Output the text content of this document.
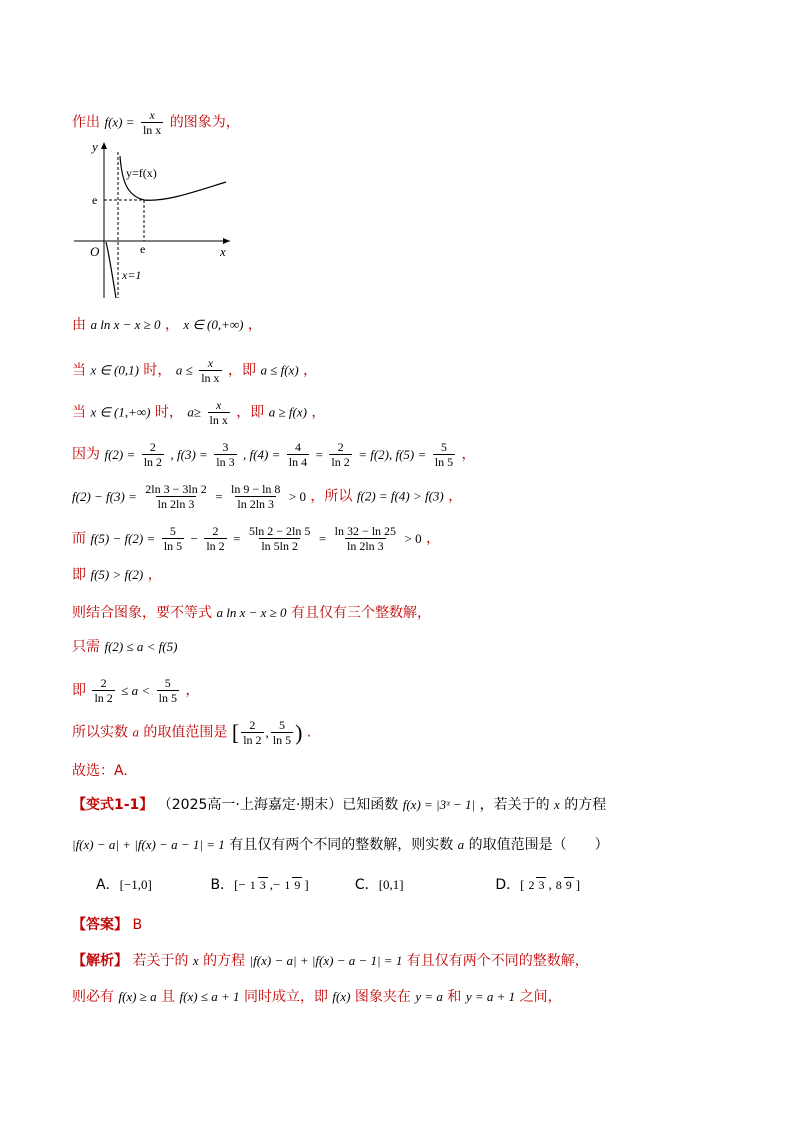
作出 $f(x) = \frac{x}{\text{ln x}}$ 的图象为，
y
x
O
y=f(x)
e
e
x=1
由 a ln x − x ≥ 0 ， x ∈ (0,+∞) ，
当 x ∈ (0,1) 时， $a \le \frac{x}{\text{ln x}}$ ，即 a ≤ f(x) ，
当 x ∈ (1,+∞) 时， $a\ge \frac{x}{\text{ln x}}$ ，即 a ≥ f(x) ，
因为 $f(2) = \frac{2}{\ln 2}$ , $f(3) = \frac{3}{\ln 3}$ , $f(4) = \frac{4}{\ln 4} = \frac{2}{\ln 2} = f(2)$, $f(5) = \frac{5}{\ln 5}$ ，
$f(2) - f(3) = \frac{2\ln 3 - 3\ln 2}{\ln 2\ln 3} = \frac{\ln 9 - \ln 8}{\ln 2\ln 3} > 0$ ，所以 f(2) = f(4) > f(3) ，
而 $f(5) - f(2) = \frac{5}{\ln 5} - \frac{2}{\ln 2} = \frac{5\ln 2 - 2\ln 5}{\ln 5\ln 2} = \frac{\ln 32 - \ln 25}{\ln 2\ln 3} > 0$ ，
即 f(5) > f(2) ，
则结合图象，要不等式 a ln x − x ≥ 0 有且仅有三个整数解，
只需 f(2) ≤ a < f(5)
即 $\frac{2}{\ln 2} \le a < \frac{5}{\ln 5}$ ，
所以实数 a 的取值范围是 [ $\frac{2}{\ln 2}$ , $\frac{5}{\ln 5}$ ) .
故选：A.
【变式1-1】 （2025高一·上海嘉定·期末）已知函数 f(x) = |3ˣ − 1| ，若关于的 x 的方程
|f(x) − a| + |f(x) − a − 1| = 1 有且仅有两个不同的整数解，则实数 a 的取值范围是（　　）
A．[−1,0]	B．[− 1 3 ,− 1 9 ]	C．[0,1]	D．[ 2 3 , 8 9 ]
【答案】 B
【解析】 若关于的 x 的方程 |f(x) − a| + |f(x) − a − 1| = 1 有且仅有两个不同的整数解，
则必有 f(x) ≥ a 且 f(x) ≤ a + 1 同时成立，即 f(x) 图象夹在 y = a 和 y = a + 1 之间，
